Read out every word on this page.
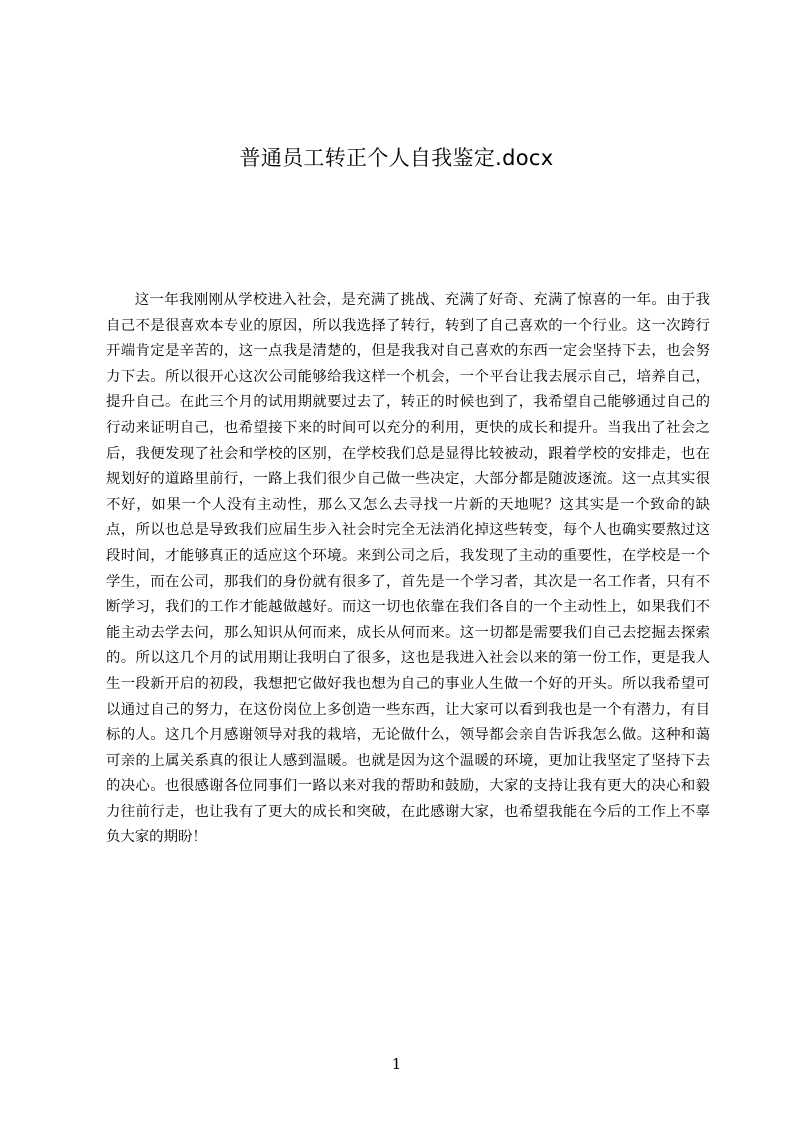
普通员工转正个人自我鉴定.docx

这一年我刚刚从学校进入社会，是充满了挑战、充满了好奇、充满了惊喜的一年。由于我自己不是很喜欢本专业的原因，所以我选择了转行，转到了自己喜欢的一个行业。这一次跨行开端肯定是辛苦的，这一点我是清楚的，但是我我对自己喜欢的东西一定会坚持下去，也会努力下去。所以很开心这次公司能够给我这样一个机会，一个平台让我去展示自己，培养自己，提升自己。在此三个月的试用期就要过去了，转正的时候也到了，我希望自己能够通过自己的行动来证明自己，也希望接下来的时间可以充分的利用，更快的成长和提升。当我出了社会之后，我便发现了社会和学校的区别，在学校我们总是显得比较被动，跟着学校的安排走，也在规划好的道路里前行，一路上我们很少自己做一些决定，大部分都是随波逐流。这一点其实很不好，如果一个人没有主动性，那么又怎么去寻找一片新的天地呢？这其实是一个致命的缺点，所以也总是导致我们应届生步入社会时完全无法消化掉这些转变，每个人也确实要熬过这段时间，才能够真正的适应这个环境。来到公司之后，我发现了主动的重要性，在学校是一个学生，而在公司，那我们的身份就有很多了，首先是一个学习者，其次是一名工作者，只有不断学习，我们的工作才能越做越好。而这一切也依靠在我们各自的一个主动性上，如果我们不能主动去学去问，那么知识从何而来，成长从何而来。这一切都是需要我们自己去挖掘去探索的。所以这几个月的试用期让我明白了很多，这也是我进入社会以来的第一份工作，更是我人生一段新开启的初段，我想把它做好我也想为自己的事业人生做一个好的开头。所以我希望可以通过自己的努力，在这份岗位上多创造一些东西，让大家可以看到我也是一个有潜力，有目标的人。这几个月感谢领导对我的栽培，无论做什么，领导都会亲自告诉我怎么做。这种和蔼可亲的上属关系真的很让人感到温暖。也就是因为这个温暖的环境，更加让我坚定了坚持下去的决心。也很感谢各位同事们一路以来对我的帮助和鼓励，大家的支持让我有更大的决心和毅力往前行走，也让我有了更大的成长和突破，在此感谢大家，也希望我能在今后的工作上不辜负大家的期盼！

1
